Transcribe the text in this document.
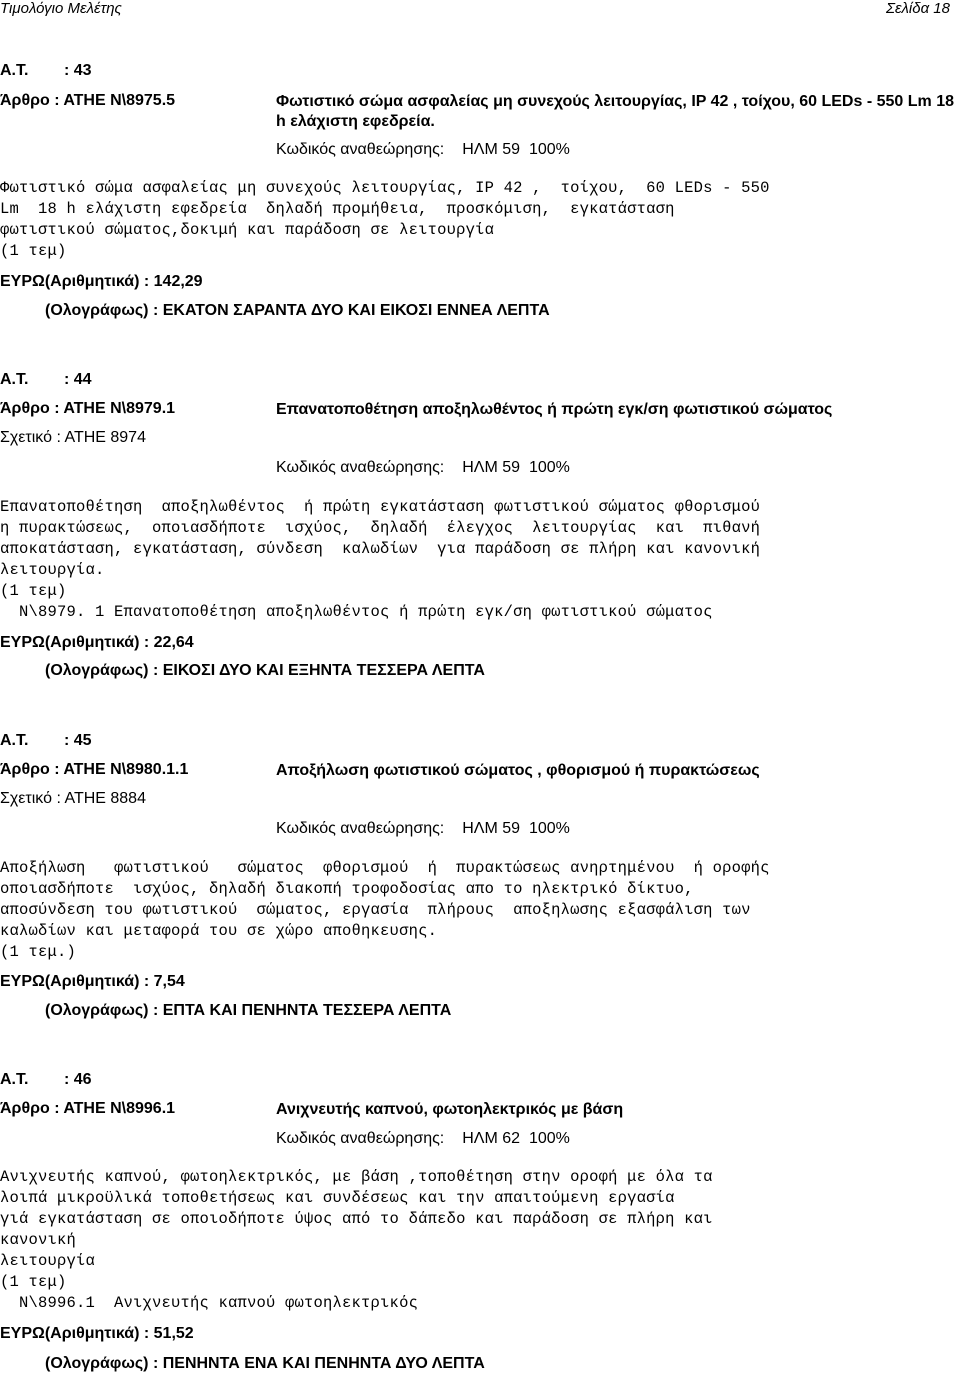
Τιμολόγιο Μελέτης	Σελίδα 18
Α.Τ. : 43
Άρθρο : ΑΤΗΕ Ν\8975.5	Φωτιστικό σώμα ασφαλείας μη συνεχούς λειτουργίας, IP 42 , τοίχου, 60 LEDs - 550 Lm 18 h ελάχιστη εφεδρεία.
Κωδικός αναθεώρησης: ΗΛΜ 59 100%
Φωτιστικό σώμα ασφαλείας μη συνεχούς λειτουργίας, IP 42 ,  τοίχου,  60 LEDs - 550
Lm  18 h ελάχιστη εφεδρεία  δηλαδή προμήθεια,  προσκόμιση,  εγκατάσταση
φωτιστικού σώματος,δοκιμή και παράδοση σε λειτουργία
(1 τεμ)
ΕΥΡΩ(Αριθμητικά) : 142,29
(Ολογράφως) : ΕΚΑΤΟΝ ΣΑΡΑΝΤΑ ΔΥΟ ΚΑΙ ΕΙΚΟΣΙ ΕΝΝΕΑ ΛΕΠΤΑ
Α.Τ. : 44
Άρθρο : ΑΤΗΕ Ν\8979.1	Επανατοποθέτηση αποξηλωθέντος ή πρώτη εγκ/ση φωτιστικού σώματος
Σχετικό : ΑΤΗΕ 8974
Κωδικός αναθεώρησης: ΗΛΜ 59 100%
Επανατοποθέτηση  αποξηλωθέντος  ή πρώτη εγκατάσταση φωτιστικού σώματος φθορισμού
η πυρακτώσεως,  οποιασδήποτε  ισχύος,  δηλαδή  έλεγχος  λειτουργίας  και  πιθανή
αποκατάσταση, εγκατάσταση, σύνδεση  καλωδίων  για παράδοση σε πλήρη και κανονική
λειτουργία.
(1 τεμ)
N\8979. 1 Επανατοποθέτηση αποξηλωθέντος ή πρώτη εγκ/ση φωτιστικού σώματος
ΕΥΡΩ(Αριθμητικά) : 22,64
(Ολογράφως) : ΕΙΚΟΣΙ ΔΥΟ ΚΑΙ ΕΞΗΝΤΑ ΤΕΣΣΕΡΑ ΛΕΠΤΑ
Α.Τ. : 45
Άρθρο : ΑΤΗΕ Ν\8980.1.1	Αποξήλωση φωτιστικού σώματος , φθορισμού ή πυρακτώσεως
Σχετικό : ΑΤΗΕ 8884
Κωδικός αναθεώρησης: ΗΛΜ 59 100%
Αποξήλωση   φωτιστικού   σώματος  φθορισμού  ή  πυρακτώσεως ανηρτημένου  ή οροφής
οποιασδήποτε  ισχύος, δηλαδή διακοπή τροφοδοσίας απο το ηλεκτρικό δίκτυο,
αποσύνδεση του φωτιστικού  σώματος, εργασία  πλήρους  αποξηλωσης εξασφάλιση των
καλωδίων και μεταφορά του σε χώρο αποθηκευσης.
(1 τεμ.)
ΕΥΡΩ(Αριθμητικά) : 7,54
(Ολογράφως) : ΕΠΤΑ ΚΑΙ ΠΕΝΗΝΤΑ ΤΕΣΣΕΡΑ ΛΕΠΤΑ
Α.Τ. : 46
Άρθρο : ΑΤΗΕ Ν\8996.1	Ανιχνευτής καπνού, φωτοηλεκτρικός με βάση
Κωδικός αναθεώρησης: ΗΛΜ 62 100%
Ανιχνευτής καπνού, φωτοηλεκτρικός, με βάση ,τοποθέτηση στην οροφή με όλα τα
λοιπά μικροϋλικά τοποθετήσεως και συνδέσεως και την απαιτούμενη εργασία
γιά εγκατάσταση σε οποιοδήποτε ύψος από το δάπεδο και παράδοση σε πλήρη και
κανονική
λειτουργία
(1 τεμ)
N\8996.1  Ανιχνευτής καπνού φωτοηλεκτρικός
ΕΥΡΩ(Αριθμητικά) : 51,52
(Ολογράφως) : ΠΕΝΗΝΤΑ ΕΝΑ ΚΑΙ ΠΕΝΗΝΤΑ ΔΥΟ ΛΕΠΤΑ
